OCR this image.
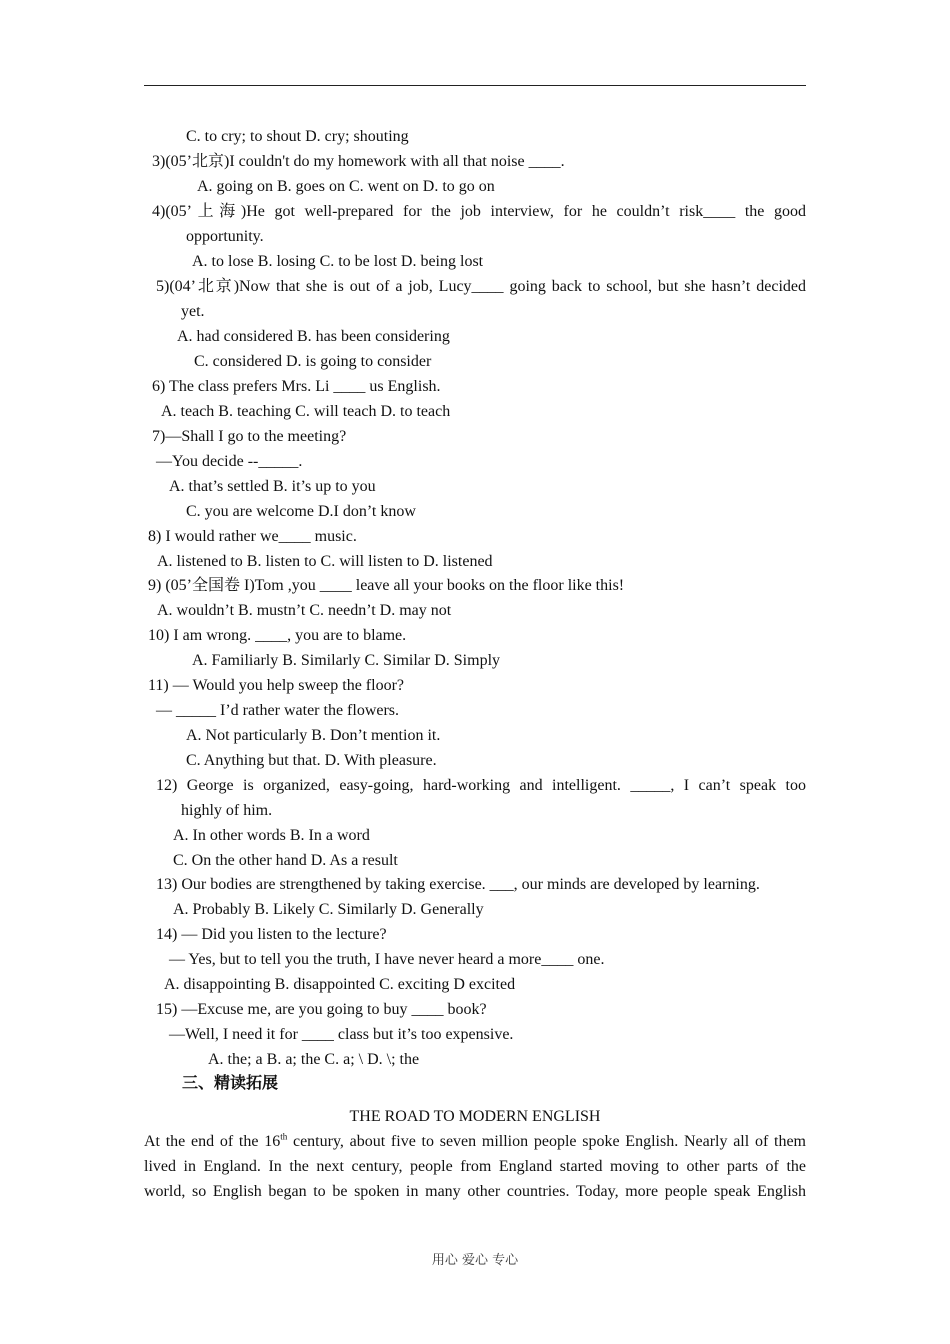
C. to cry; to shout D. cry; shouting
3)(05’北京)I couldn't do my homework with all that noise ____.
A. going on B. goes on C. went on D. to go on
4)(05’上海)He got well-prepared for the job interview, for he couldn’t risk____ the good
opportunity.
A. to lose B. losing C. to be lost D. being lost
5)(04’北京)Now that she is out of a job, Lucy____ going back to school, but she hasn’t decided
yet.
A. had considered B. has been considering
C. considered D. is going to consider
6) The class prefers Mrs. Li ____ us English.
A. teach B. teaching C. will teach D. to teach
7)—Shall I go to the meeting?
—You decide --_____.
A. that’s settled B. it’s up to you
C. you are welcome D.I don’t know
8) I would rather we____ music.
A. listened to B. listen to C. will listen to D. listened
9) (05’全国卷 I)Tom ,you ____ leave all your books on the floor like this!
A. wouldn’t B. mustn’t C. needn’t D. may not
10) I am wrong. ____, you are to blame.
A. Familiarly B. Similarly C. Similar D. Simply
11) — Would you help sweep the floor?
— _____ I’d rather water the flowers.
A. Not particularly B. Don’t mention it.
C. Anything but that. D. With pleasure.
12) George is organized, easy-going, hard-working and intelligent. _____, I can’t speak too
highly of him.
A. In other words B. In a word
C. On the other hand D. As a result
13) Our bodies are strengthened by taking exercise. ___, our minds are developed by learning.
A. Probably B. Likely C. Similarly D. Generally
14) — Did you listen to the lecture?
— Yes, but to tell you the truth, I have never heard a more____ one.
A. disappointing B. disappointed C. exciting D excited
15) —Excuse me, are you going to buy ____ book?
—Well, I need it for ____ class but it’s too expensive.
A. the; a B. a; the C. a; \ D. \; the
三、精读拓展
THE ROAD TO MODERN ENGLISH
At the end of the 16th century, about five to seven million people spoke English. Nearly all of them
lived in England. In the next century, people from England started moving to other parts of the
world, so English began to be spoken in many other countries. Today, more people speak English
用心 爱心 专心
